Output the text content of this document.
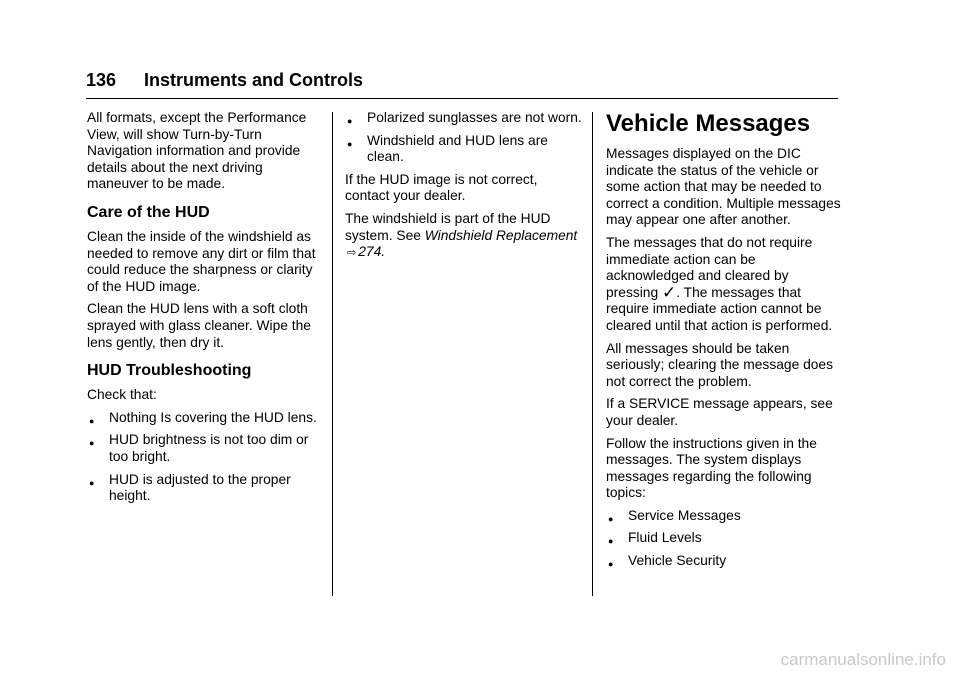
136 Instruments and Controls

All formats, except the Performance View, will show Turn-by-Turn Navigation information and provide details about the next driving maneuver to be made.

Care of the HUD

Clean the inside of the windshield as needed to remove any dirt or film that could reduce the sharpness or clarity of the HUD image.

Clean the HUD lens with a soft cloth sprayed with glass cleaner. Wipe the lens gently, then dry it.

HUD Troubleshooting

Check that:

● Nothing Is covering the HUD lens.
● HUD brightness is not too dim or too bright.
● HUD is adjusted to the proper height.
● Polarized sunglasses are not worn.
● Windshield and HUD lens are clean.

If the HUD image is not correct, contact your dealer.

The windshield is part of the HUD system. See Windshield Replacement ⇨ 274.

Vehicle Messages

Messages displayed on the DIC indicate the status of the vehicle or some action that may be needed to correct a condition. Multiple messages may appear one after another.

The messages that do not require immediate action can be acknowledged and cleared by pressing ✓. The messages that require immediate action cannot be cleared until that action is performed.

All messages should be taken seriously; clearing the message does not correct the problem.

If a SERVICE message appears, see your dealer.

Follow the instructions given in the messages. The system displays messages regarding the following topics:

● Service Messages
● Fluid Levels
● Vehicle Security
carmanualsonline.info
